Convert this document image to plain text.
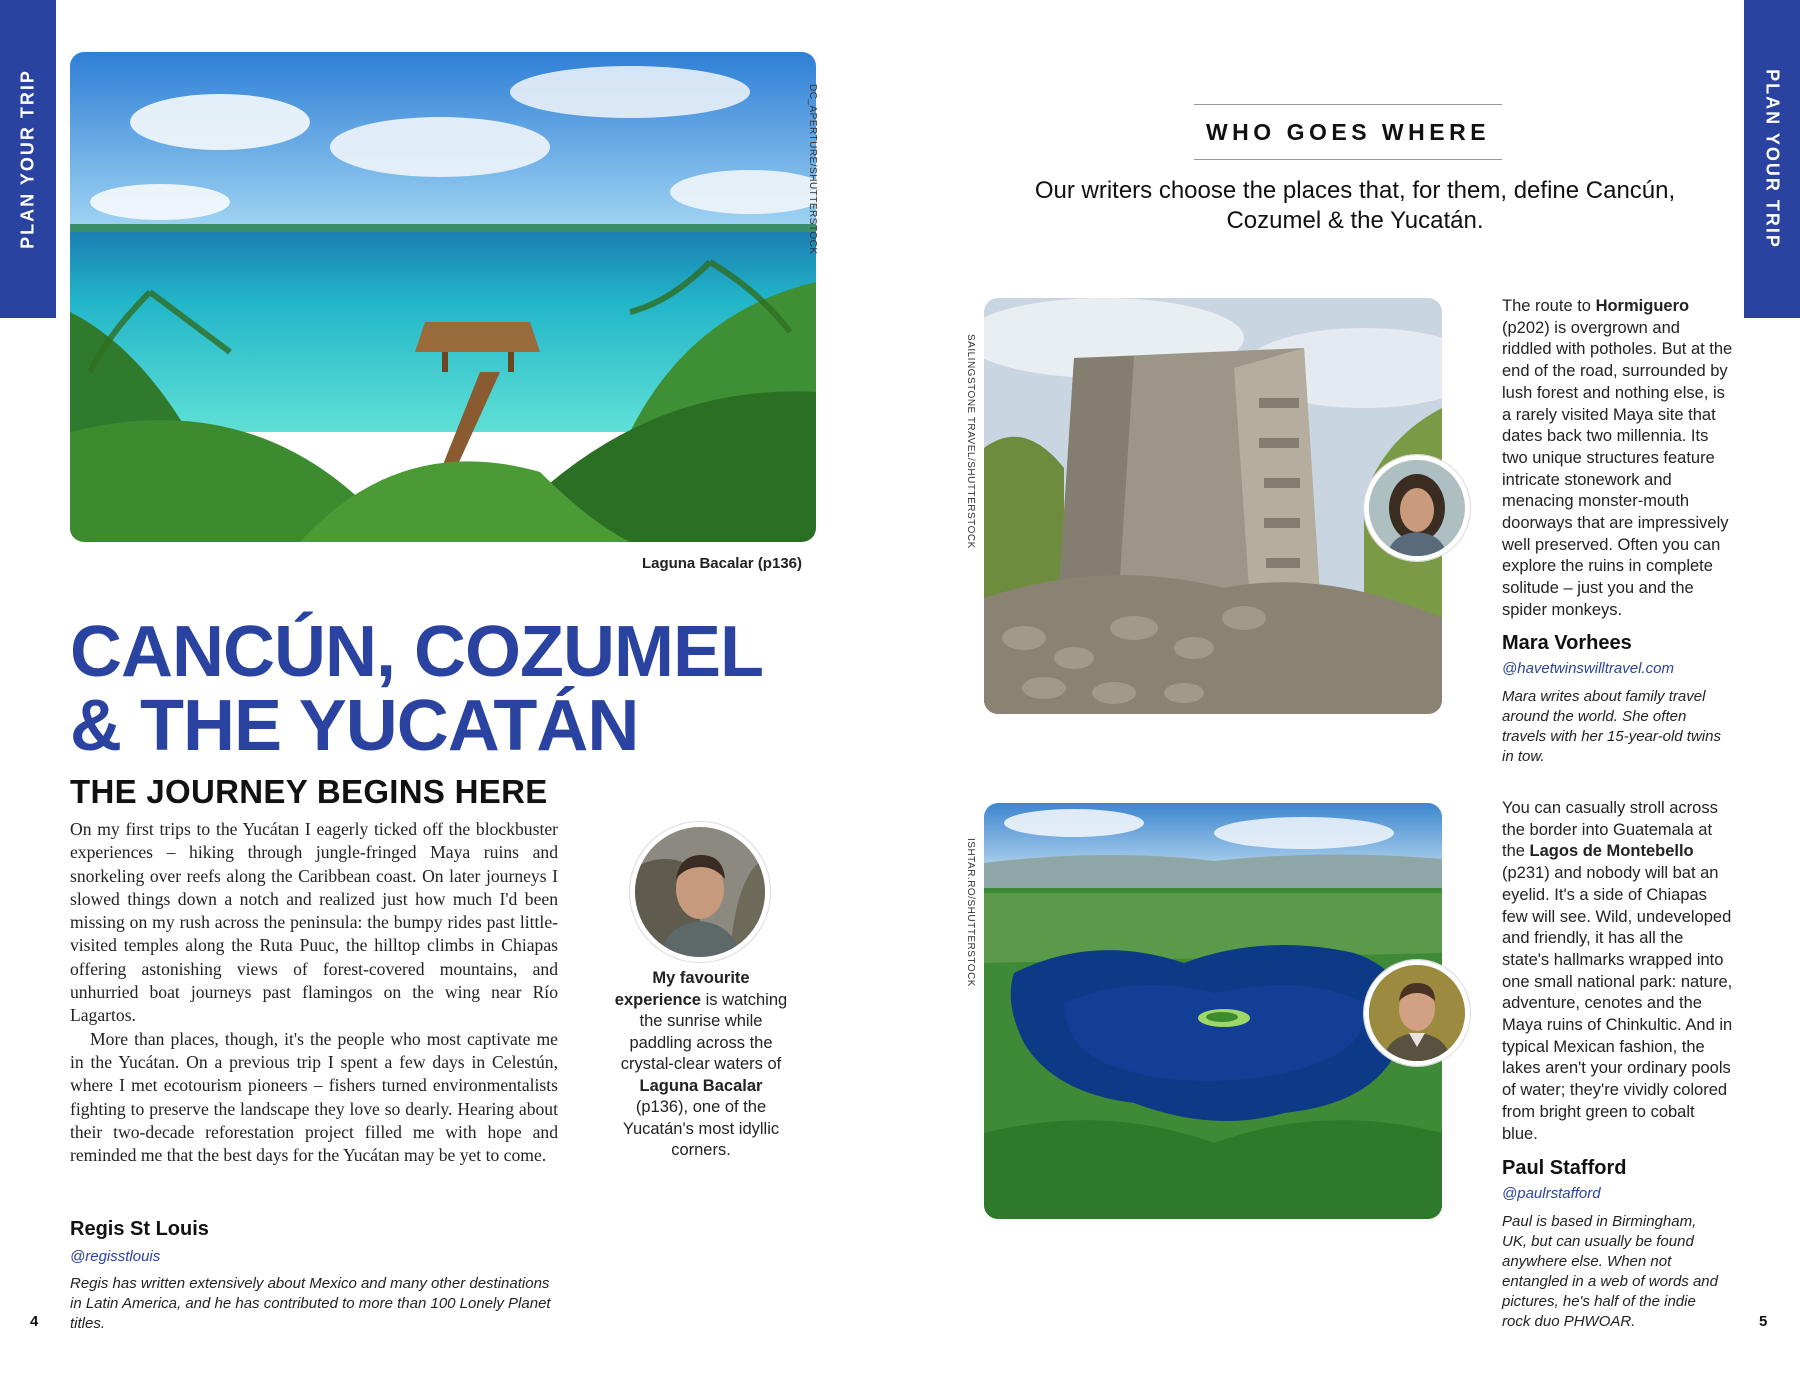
PLAN YOUR TRIP	PLAN YOUR TRIP
DC_APERTURE/SHUTTERSTOCK
Laguna Bacalar (p136)
CANCÚN, COZUMEL
& THE YUCATÁN
THE JOURNEY BEGINS HERE

On my first trips to the Yucátan I eagerly ticked off the blockbuster experiences – hiking through jungle-fringed Maya ruins and snorkeling over reefs along the Caribbean coast. On later journeys I slowed things down a notch and realized just how much I'd been missing on my rush across the peninsula: the bumpy rides past little-visited temples along the Ruta Puuc, the hilltop climbs in Chiapas offering astonishing views of forest-covered mountains, and unhurried boat journeys past flamingos on the wing near Río Lagartos.

More than places, though, it's the people who most captivate me in the Yucátan. On a previous trip I spent a few days in Celestún, where I met ecotourism pioneers – fishers turned environmentalists fighting to preserve the landscape they love so dearly. Hearing about their two-decade reforestation project filled me with hope and reminded me that the best days for the Yucátan may be yet to come.

My favourite experience is watching the sunrise while paddling across the crystal-clear waters of Laguna Bacalar (p136), one of the Yucatán's most idyllic corners.
Regis St Louis
@regisstlouis
Regis has written extensively about Mexico and many other destinations in Latin America, and he has contributed to more than 100 Lonely Planet titles.
4	5
WHO GOES WHERE
Our writers choose the places that, for them, define Cancún, Cozumel & the Yucatán.
SAILINGSTONE TRAVEL/SHUTTERSTOCK
The route to Hormiguero (p202) is overgrown and riddled with potholes. But at the end of the road, surrounded by lush forest and nothing else, is a rarely visited Maya site that dates back two millennia. Its two unique structures feature intricate stonework and menacing monster-mouth doorways that are impressively well preserved. Often you can explore the ruins in complete solitude – just you and the spider monkeys.
Mara Vorhees
@havetwinswilltravel.com
Mara writes about family travel around the world. She often travels with her 15-year-old twins in tow.
ISHTAR.RO/SHUTTERSTOCK
You can casually stroll across the border into Guatemala at the Lagos de Montebello (p231) and nobody will bat an eyelid. It's a side of Chiapas few will see. Wild, undeveloped and friendly, it has all the state's hallmarks wrapped into one small national park: nature, adventure, cenotes and the Maya ruins of Chinkultic. And in typical Mexican fashion, the lakes aren't your ordinary pools of water; they're vividly colored from bright green to cobalt blue.
Paul Stafford
@paulrstafford
Paul is based in Birmingham, UK, but can usually be found anywhere else. When not entangled in a web of words and pictures, he's half of the indie rock duo PHWOAR.
